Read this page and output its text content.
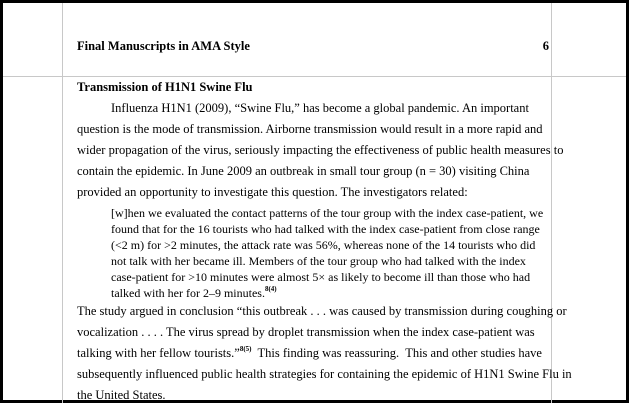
Final Manuscripts in AMA Style	6
Transmission of H1N1 Swine Flu
Influenza H1N1 (2009), “Swine Flu,” has become a global pandemic. An important
question is the mode of transmission. Airborne transmission would result in a more rapid and
wider propagation of the virus, seriously impacting the effectiveness of public health measures to
contain the epidemic. In June 2009 an outbreak in small tour group (n = 30) visiting China
provided an opportunity to investigate this question. The investigators related:
[w]hen we evaluated the contact patterns of the tour group with the index case-patient, we
found that for the 16 tourists who had talked with the index case-patient from close range
(<2 m) for >2 minutes, the attack rate was 56%, whereas none of the 14 tourists who did
not talk with her became ill. Members of the tour group who had talked with the index
case-patient for >10 minutes were almost 5× as likely to become ill than those who had
talked with her for 2–9 minutes.$^{8(4)}$
The study argued in conclusion “this outbreak . . . was caused by transmission during coughing or
vocalization . . . . The virus spread by droplet transmission when the index case-patient was
talking with her fellow tourists.”$^{8(5)}$  This finding was reassuring.  This and other studies have
subsequently influenced public health strategies for containing the epidemic of H1N1 Swine Flu in
the United States.
